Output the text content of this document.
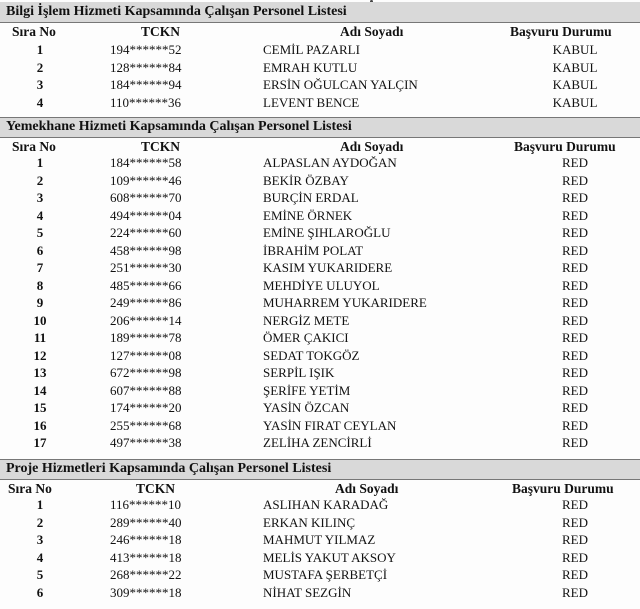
Bilgi İşlem Hizmeti Kapsamında Çalışan Personel Listesi
Sıra No	TCKN	Adı Soyadı	Başvuru Durumu
1	194******52	CEMİL PAZARLI	KABUL
2	128******84	EMRAH KUTLU	KABUL
3	184******94	ERSİN OĞULCAN YALÇIN	KABUL
4	110******36	LEVENT BENCE	KABUL
Yemekhane Hizmeti Kapsamında Çalışan Personel Listesi
Sıra No	TCKN	Adı Soyadı	Başvuru Durumu
1	184******58	ALPASLAN AYDOĞAN	RED
2	109******46	BEKİR ÖZBAY	RED
3	608******70	BURÇİN ERDAL	RED
4	494******04	EMİNE ÖRNEK	RED
5	224******60	EMİNE ŞIHLAROĞLU	RED
6	458******98	İBRAHİM POLAT	RED
7	251******30	KASIM YUKARIDERE	RED
8	485******66	MEHDİYE ULUYOL	RED
9	249******86	MUHARREM YUKARIDERE	RED
10	206******14	NERGİZ METE	RED
11	189******78	ÖMER ÇAKICI	RED
12	127******08	SEDAT TOKGÖZ	RED
13	672******98	SERPİL IŞIK	RED
14	607******88	ŞERİFE YETİM	RED
15	174******20	YASİN ÖZCAN	RED
16	255******68	YASİN FIRAT CEYLAN	RED
17	497******38	ZELİHA ZENCİRLİ	RED
Proje Hizmetleri Kapsamında Çalışan Personel Listesi
Sıra No	TCKN	Adı Soyadı	Başvuru Durumu
1	116******10	ASLIHAN KARADAĞ	RED
2	289******40	ERKAN KILINÇ	RED
3	246******18	MAHMUT YILMAZ	RED
4	413******18	MELİS YAKUT AKSOY	RED
5	268******22	MUSTAFA ŞERBETÇİ	RED
6	309******18	NİHAT SEZGİN	RED
